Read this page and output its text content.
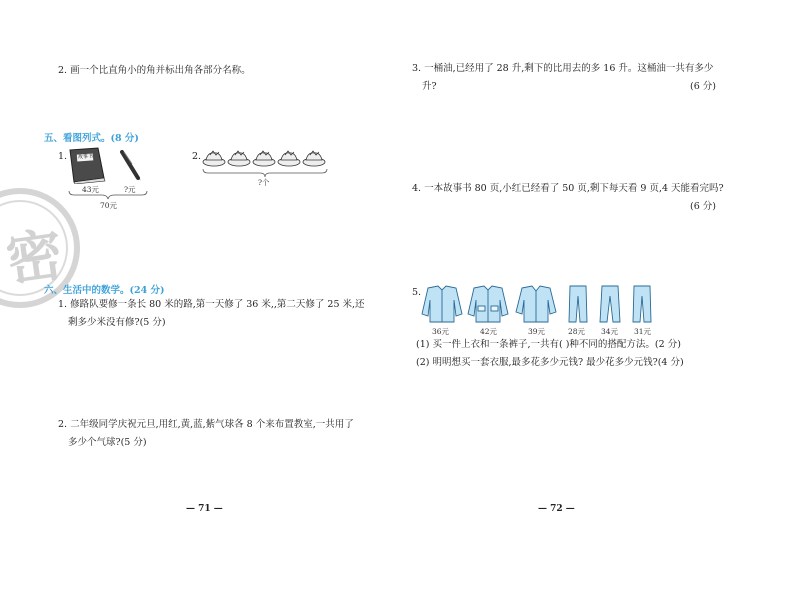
2. 画一个比直角小的角并标出角各部分名称。
五、看图列式。(8 分)
1. 故事书
43元	?元
70元
2.
?个
密
六、生活中的数学。(24 分)
1. 修路队要修一条长 80 米的路,第一天修了 36 米,,第二天修了 25 米,还
剩多少米没有修?(5 分)
2. 二年级同学庆祝元旦,用红,黄,蓝,紫气球各 8 个来布置教室,一共用了
多少个气球?(5 分)
— 71 —
3. 一桶油,已经用了 28 升,剩下的比用去的多 16 升。这桶油一共有多少
升?	(6 分)
4. 一本故事书 80 页,小红已经看了 50 页,剩下每天看 9 页,4 天能看完吗?
(6 分)
5.
36元	42元	39元	28元 34元 31元
(1) 买一件上衣和一条裤子,一共有( )种不同的搭配方法。(2 分)
(2) 明明想买一套衣服,最多花多少元钱? 最少花多少元钱?(4 分)
— 72 —
